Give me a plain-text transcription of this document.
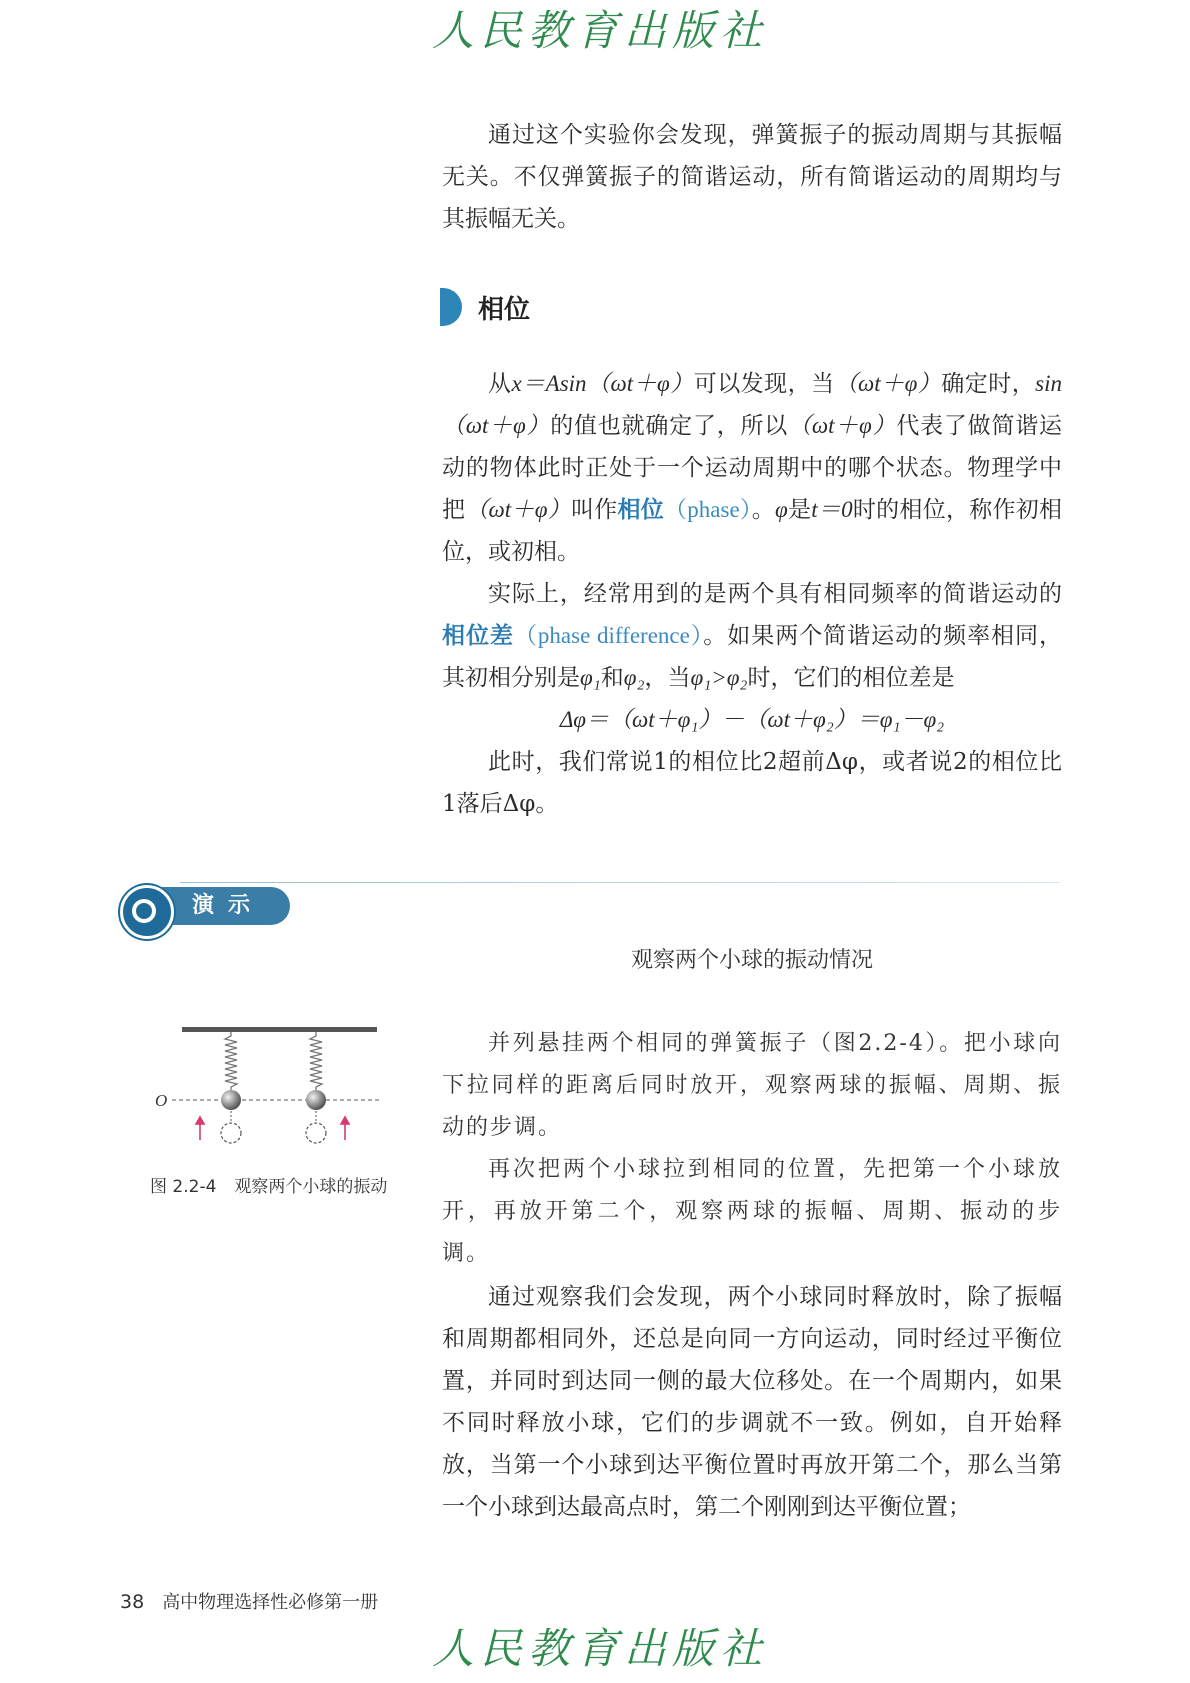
人民教育出版社

通过这个实验你会发现，弹簧振子的振动周期与其振幅无关。不仅弹簧振子的简谐运动，所有简谐运动的周期均与其振幅无关。

相位

从x＝Asin（ωt＋φ）可以发现，当（ωt＋φ）确定时，sin（ωt＋φ）的值也就确定了，所以（ωt＋φ）代表了做简谐运动的物体此时正处于一个运动周期中的哪个状态。物理学中把（ωt＋φ）叫作相位（phase）。φ是t＝0时的相位，称作初相位，或初相。

实际上，经常用到的是两个具有相同频率的简谐运动的相位差（phase difference）。如果两个简谐运动的频率相同，其初相分别是φ₁和φ₂，当φ₁>φ₂时，它们的相位差是

Δφ＝（ωt＋φ₁）－（ωt＋φ₂）＝φ₁－φ₂

此时，我们常说1的相位比2超前Δφ，或者说2的相位比1落后Δφ。

演示
观察两个小球的振动情况
O
图 2.2-4 观察两个小球的振动

并列悬挂两个相同的弹簧振子（图2.2-4）。把小球向下拉同样的距离后同时放开，观察两球的振幅、周期、振动的步调。

再次把两个小球拉到相同的位置，先把第一个小球放开，再放开第二个，观察两球的振幅、周期、振动的步调。

通过观察我们会发现，两个小球同时释放时，除了振幅和周期都相同外，还总是向同一方向运动，同时经过平衡位置，并同时到达同一侧的最大位移处。在一个周期内，如果不同时释放小球，它们的步调就不一致。例如，自开始释放，当第一个小球到达平衡位置时再放开第二个，那么当第一个小球到达最高点时，第二个刚刚到达平衡位置；

38 高中物理选择性必修第一册
人民教育出版社
